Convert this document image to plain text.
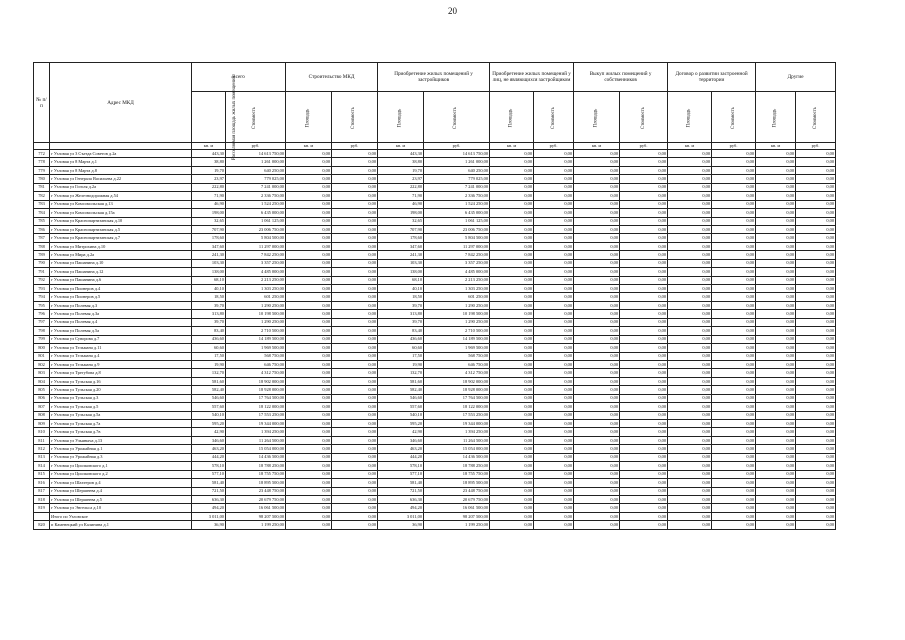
20
№ п/п	Адрес МКД	Всего		Строительство МКД		Приобретение жилых помещений у застройщиков		Приобретение жилых помещений у лиц, не являющихся застройщиком		Выкуп жилых помещений у собственников		Договор о развитии застроенной территории		Другие	
		Расселяемая площадь жилых помещений	Стоимость	Площадь	Стоимость	Площадь	Стоимость	Площадь	Стоимость	Площадь	Стоимость	Площадь	Стоимость	Площадь	Стоимость
		кв. м	руб.	кв. м	руб.	кв. м	руб.	кв. м	руб.	кв. м	руб.	кв. м	руб.	кв. м	руб.
772	г Узловая ул 3 Съезда Советов д.2а	443,30	14 613 750,00	0,00	0,00	443,30	14 613 750,00	0,00	0,00	0,00	0,00	0,00	0,00	0,00	0,00
778	г Узловая ул 8 Марта д.1	38,80	1 261 000,00	0,00	0,00	38,80	1 261 000,00	0,00	0,00	0,00	0,00	0,00	0,00	0,00	0,00
779	г Узловая ул 8 Марта д.8	19,70	640 250,00	0,00	0,00	19,70	640 250,00	0,00	0,00	0,00	0,00	0,00	0,00	0,00	0,00
780	г Узловая ул Генерала Васильева д.22	23,97	779 025,00	0,00	0,00	23,97	779 025,00	0,00	0,00	0,00	0,00	0,00	0,00	0,00	0,00
781	г Узловая ул Гоголя д.2а	222,80	7 241 000,00	0,00	0,00	222,80	7 241 000,00	0,00	0,00	0,00	0,00	0,00	0,00	0,00	0,00
782	г Узловая ул Железнодорожная д.54	71,90	2 336 750,00	0,00	0,00	71,90	2 336 750,00	0,00	0,00	0,00	0,00	0,00	0,00	0,00	0,00
783	г Узловая ул Комсомольская д.13	46,90	1 524 250,00	0,00	0,00	46,90	1 524 250,00	0,00	0,00	0,00	0,00	0,00	0,00	0,00	0,00
784	г Узловая ул Комсомольская д.15а	198,00	6 435 000,00	0,00	0,00	198,00	6 435 000,00	0,00	0,00	0,00	0,00	0,00	0,00	0,00	0,00
785	г Узловая ул Краснопартизанская д.10	32,65	1 061 125,00	0,00	0,00	32,65	1 061 125,00	0,00	0,00	0,00	0,00	0,00	0,00	0,00	0,00
786	г Узловая ул Краснопартизанская д.5	707,90	23 006 750,00	0,00	0,00	707,90	23 006 750,00	0,00	0,00	0,00	0,00	0,00	0,00	0,00	0,00
787	г Узловая ул Краснопартизанская д.7	178,60	5 804 500,00	0,00	0,00	178,60	5 804 500,00	0,00	0,00	0,00	0,00	0,00	0,00	0,00	0,00
788	г Узловая ул Митрохина д.10	347,60	11 297 000,00	0,00	0,00	347,60	11 297 000,00	0,00	0,00	0,00	0,00	0,00	0,00	0,00	0,00
789	г Узловая ул Мира д.2а	241,30	7 842 250,00	0,00	0,00	241,30	7 842 250,00	0,00	0,00	0,00	0,00	0,00	0,00	0,00	0,00
790	г Узловая ул Пашанина д.10	103,30	3 357 250,00	0,00	0,00	103,30	3 357 250,00	0,00	0,00	0,00	0,00	0,00	0,00	0,00	0,00
791	г Узловая ул Пашанина д.12	138,00	4 485 000,00	0,00	0,00	138,00	4 485 000,00	0,00	0,00	0,00	0,00	0,00	0,00	0,00	0,00
792	г Узловая ул Пашанина д.6	68,10	2 213 250,00	0,00	0,00	68,10	2 213 250,00	0,00	0,00	0,00	0,00	0,00	0,00	0,00	0,00
793	г Узловая ул Пионеров д.4	40,10	1 303 250,00	0,00	0,00	40,10	1 303 250,00	0,00	0,00	0,00	0,00	0,00	0,00	0,00	0,00
794	г Узловая ул Пионеров д.5	18,50	601 250,00	0,00	0,00	18,50	601 250,00	0,00	0,00	0,00	0,00	0,00	0,00	0,00	0,00
795	г Узловая ул Полевая д.3	39,70	1 290 250,00	0,00	0,00	39,70	1 290 250,00	0,00	0,00	0,00	0,00	0,00	0,00	0,00	0,00
796	г Узловая ул Полевая д.3а	313,80	10 198 500,00	0,00	0,00	313,80	10 198 500,00	0,00	0,00	0,00	0,00	0,00	0,00	0,00	0,00
797	г Узловая ул Полевая д.4	39,70	1 290 250,00	0,00	0,00	39,70	1 290 250,00	0,00	0,00	0,00	0,00	0,00	0,00	0,00	0,00
798	г Узловая ул Полевая д.5а	83,40	2 710 500,00	0,00	0,00	83,40	2 710 500,00	0,00	0,00	0,00	0,00	0,00	0,00	0,00	0,00
799	г Узловая ул Суворова д.7	436,60	14 189 500,00	0,00	0,00	436,60	14 189 500,00	0,00	0,00	0,00	0,00	0,00	0,00	0,00	0,00
800	г Узловая ул Тельмана д.11	60,60	1 969 500,00	0,00	0,00	60,60	1 969 500,00	0,00	0,00	0,00	0,00	0,00	0,00	0,00	0,00
801	г Узловая ул Тельмана д.4	17,50	568 750,00	0,00	0,00	17,50	568 750,00	0,00	0,00	0,00	0,00	0,00	0,00	0,00	0,00
802	г Узловая ул Тельмана д.9	19,90	646 750,00	0,00	0,00	19,90	646 750,00	0,00	0,00	0,00	0,00	0,00	0,00	0,00	0,00
803	г Узловая ул Трегубова д.8	132,70	4 312 750,00	0,00	0,00	132,70	4 312 750,00	0,00	0,00	0,00	0,00	0,00	0,00	0,00	0,00
804	г Узловая ул Тульская д.16	581,60	18 902 000,00	0,00	0,00	581,60	18 902 000,00	0,00	0,00	0,00	0,00	0,00	0,00	0,00	0,00
805	г Узловая ул Тульская д.20	582,40	18 928 000,00	0,00	0,00	582,40	18 928 000,00	0,00	0,00	0,00	0,00	0,00	0,00	0,00	0,00
806	г Узловая ул Тульская д.3	546,60	17 764 500,00	0,00	0,00	546,60	17 764 500,00	0,00	0,00	0,00	0,00	0,00	0,00	0,00	0,00
807	г Узловая ул Тульская д.5	557,60	18 122 000,00	0,00	0,00	557,60	18 122 000,00	0,00	0,00	0,00	0,00	0,00	0,00	0,00	0,00
808	г Узловая ул Тульская д.5а	540,10	17 553 250,00	0,00	0,00	540,10	17 553 250,00	0,00	0,00	0,00	0,00	0,00	0,00	0,00	0,00
809	г Узловая ул Тульская д.7а	595,20	19 344 000,00	0,00	0,00	595,20	19 344 000,00	0,00	0,00	0,00	0,00	0,00	0,00	0,00	0,00
810	г Узловая ул Тульская д.7в	42,90	1 394 250,00	0,00	0,00	42,90	1 394 250,00	0,00	0,00	0,00	0,00	0,00	0,00	0,00	0,00
811	г Узловая ул Ульяныча д.13	346,60	11 264 500,00	0,00	0,00	346,60	11 264 500,00	0,00	0,00	0,00	0,00	0,00	0,00	0,00	0,00
812	г Узловая ул Урожайная д.1	463,20	15 054 000,00	0,00	0,00	463,20	15 054 000,00	0,00	0,00	0,00	0,00	0,00	0,00	0,00	0,00
813	г Узловая ул Урожайная д.3	444,20	14 436 500,00	0,00	0,00	444,20	14 436 500,00	0,00	0,00	0,00	0,00	0,00	0,00	0,00	0,00
814	г Узловая ул Циолковского д.1	578,10	18 788 250,00	0,00	0,00	578,10	18 788 250,00	0,00	0,00	0,00	0,00	0,00	0,00	0,00	0,00
815	г Узловая ул Циолковского д.2	577,10	18 755 750,00	0,00	0,00	577,10	18 755 750,00	0,00	0,00	0,00	0,00	0,00	0,00	0,00	0,00
816	г Узловая ул Шахтеров д.4	581,40	18 895 500,00	0,00	0,00	581,40	18 895 500,00	0,00	0,00	0,00	0,00	0,00	0,00	0,00	0,00
817	г Узловая ул Шершнева д.4	721,50	23 448 750,00	0,00	0,00	721,50	23 448 750,00	0,00	0,00	0,00	0,00	0,00	0,00	0,00	0,00
818	г Узловая ул Шершнева д.5	636,30	20 679 750,00	0,00	0,00	636,30	20 679 750,00	0,00	0,00	0,00	0,00	0,00	0,00	0,00	0,00
819	г Узловая ул Энгельса д.10	494,20	16 061 500,00	0,00	0,00	494,20	16 061 500,00	0,00	0,00	0,00	0,00	0,00	0,00	0,00	0,00
	Итого по Узловское	3 011,00	98 207 500,00	0,00	0,00	3 011,00	98 207 500,00	0,00	0,00	0,00	0,00	0,00	0,00	0,00	0,00
820	п Каменецкий ул Калинина д.1	36,90	1 199 250,00	0,00	0,00	36,90	1 199 250,00	0,00	0,00	0,00	0,00	0,00	0,00	0,00	0,00
